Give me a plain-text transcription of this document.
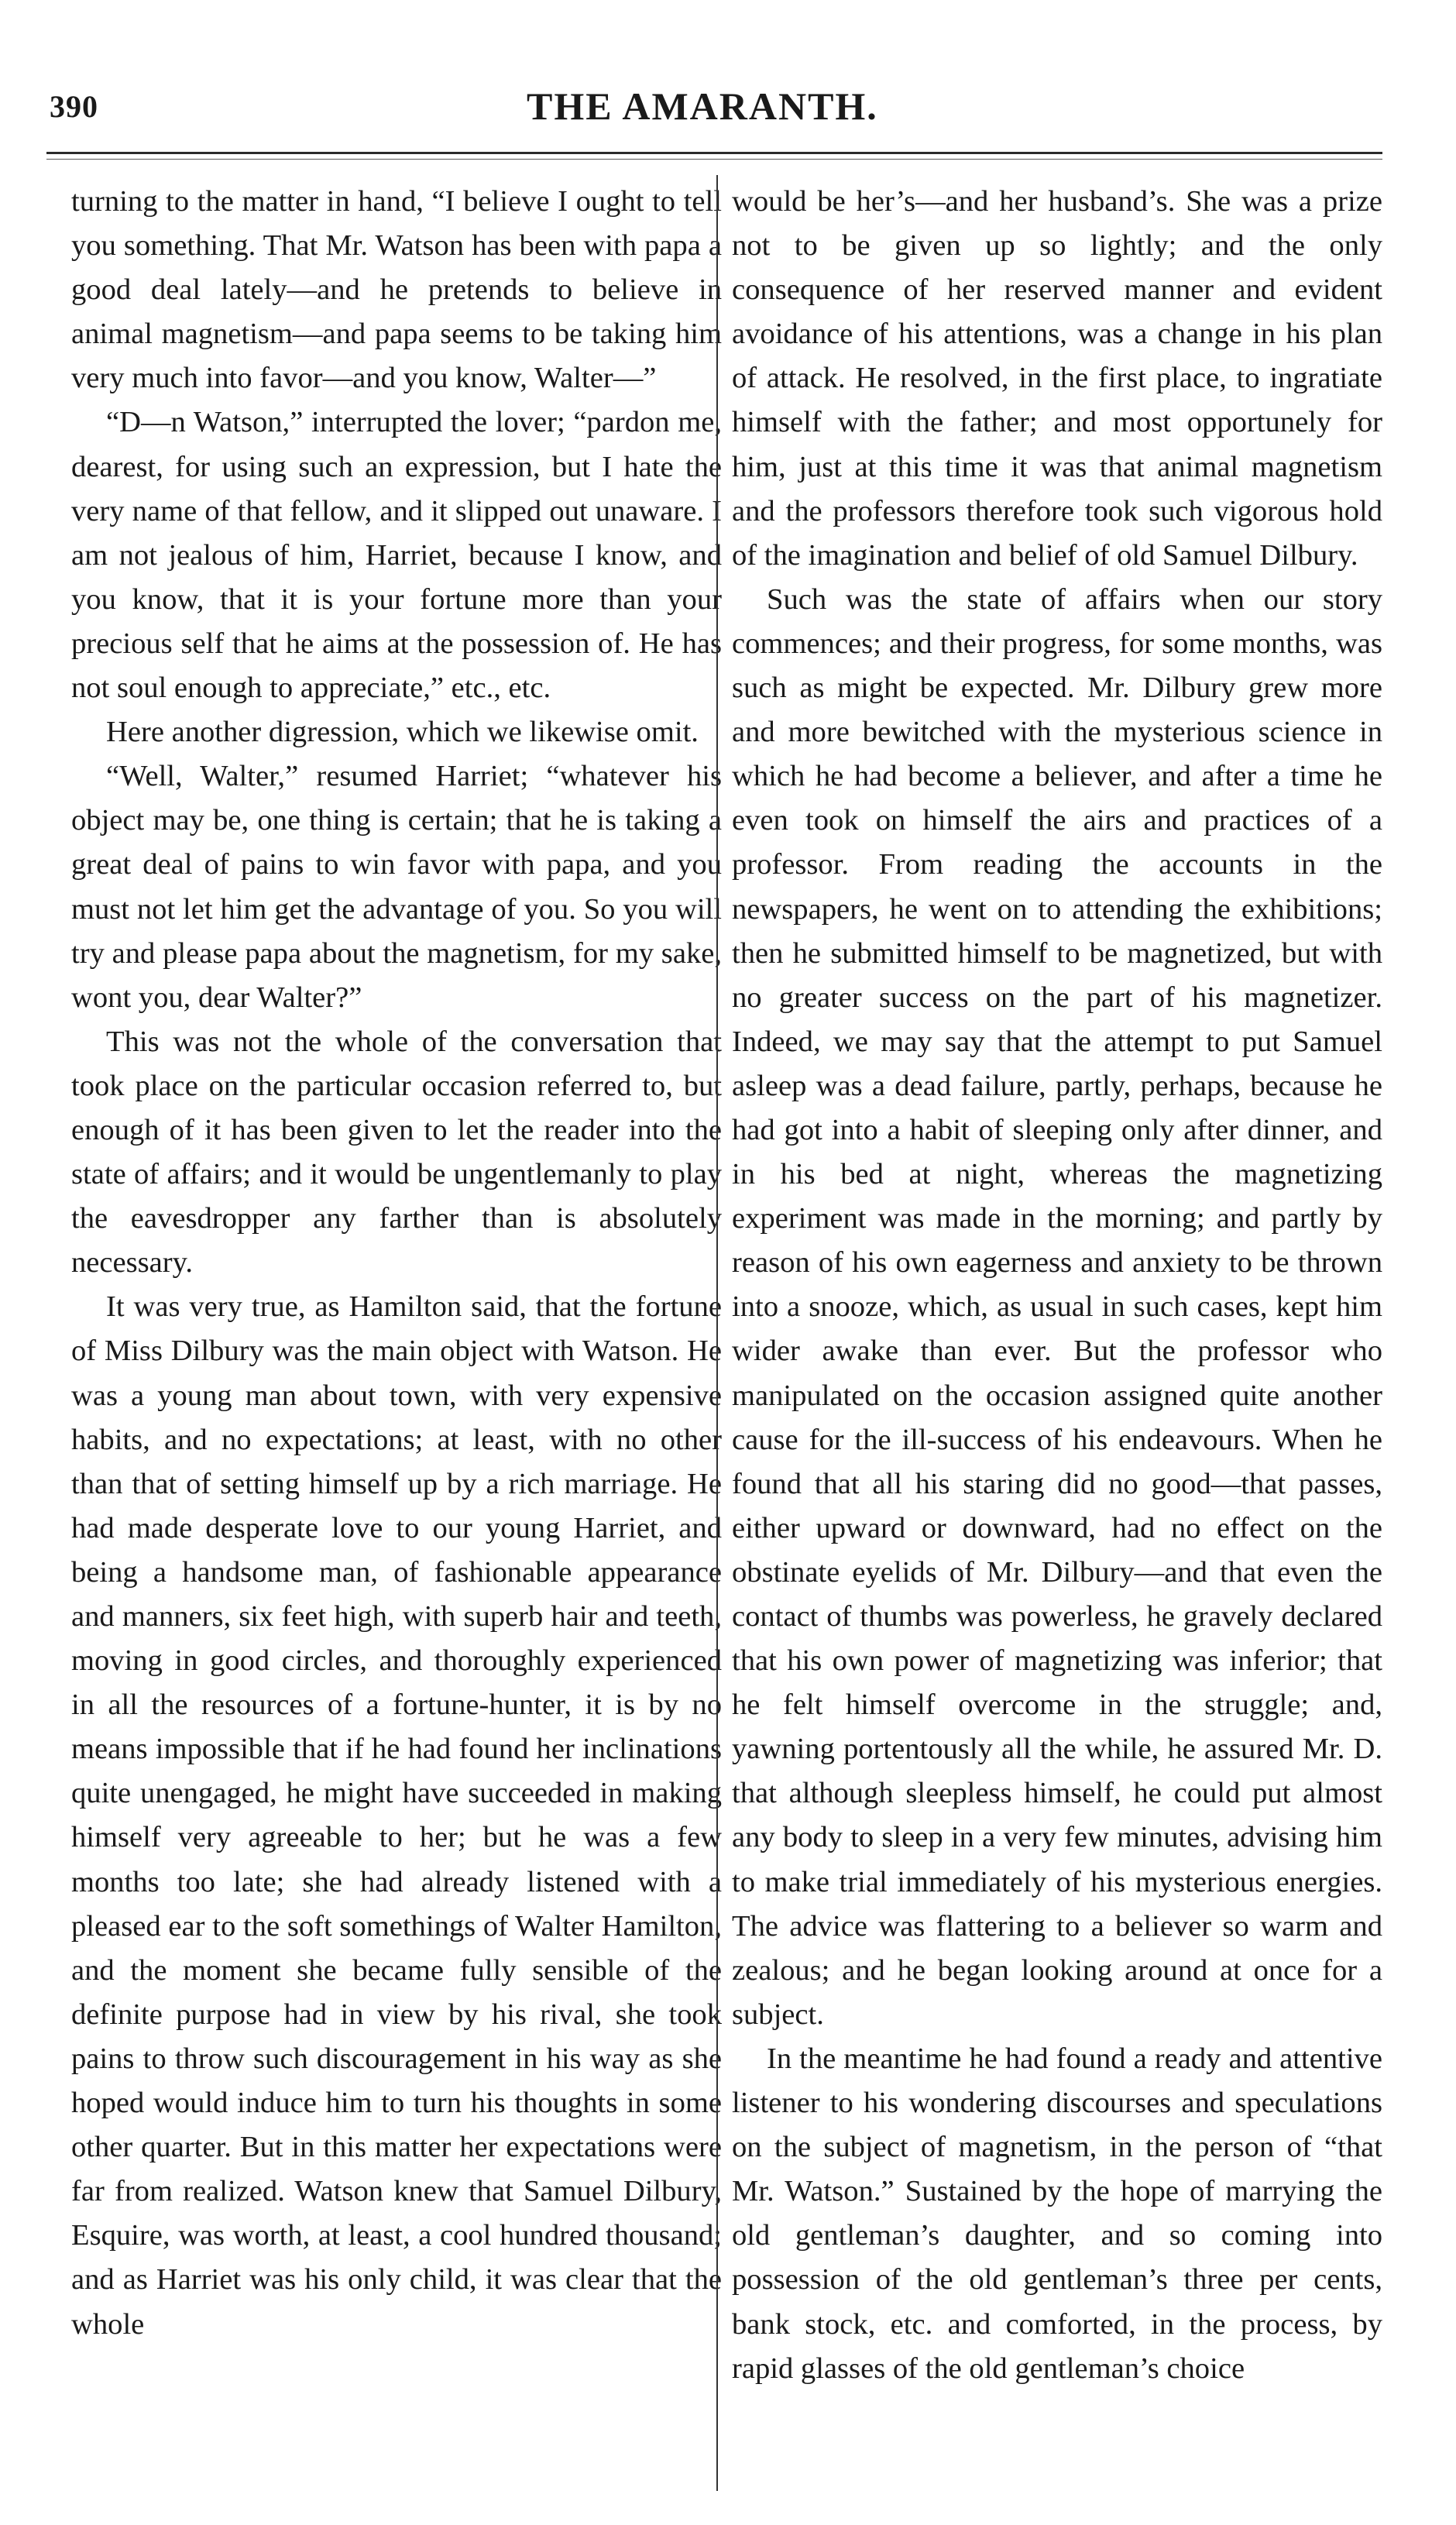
390	THE AMARANTH.

turning to the matter in hand, “I believe I ought to tell you something. That Mr. Watson has been with papa a good deal lately—and he pretends to believe in animal magnetism—and papa seems to be taking him very much into favor—and you know, Walter—”

“D—n Watson,” interrupted the lover; “pardon me, dearest, for using such an expression, but I hate the very name of that fellow, and it slipped out unaware. I am not jealous of him, Harriet, because I know, and you know, that it is your fortune more than your precious self that he aims at the possession of. He has not soul enough to appreciate,” etc., etc.

Here another digression, which we likewise omit.

“Well, Walter,” resumed Harriet; “whatever his object may be, one thing is certain; that he is taking a great deal of pains to win favor with papa, and you must not let him get the advantage of you. So you will try and please papa about the magnetism, for my sake, wont you, dear Walter?”

This was not the whole of the conversation that took place on the particular occasion referred to, but enough of it has been given to let the reader into the state of affairs; and it would be ungentlemanly to play the eavesdropper any farther than is absolutely necessary.

It was very true, as Hamilton said, that the fortune of Miss Dilbury was the main object with Watson. He was a young man about town, with very expensive habits, and no expectations; at least, with no other than that of setting himself up by a rich marriage. He had made desperate love to our young Harriet, and being a handsome man, of fashionable appearance and manners, six feet high, with superb hair and teeth, moving in good circles, and thoroughly experienced in all the resources of a fortune-hunter, it is by no means impossible that if he had found her inclinations quite unengaged, he might have succeeded in making himself very agreeable to her; but he was a few months too late; she had already listened with a pleased ear to the soft somethings of Walter Hamilton, and the moment she became fully sensible of the definite purpose had in view by his rival, she took pains to throw such discouragement in his way as she hoped would induce him to turn his thoughts in some other quarter. But in this matter her expectations were far from realized. Watson knew that Samuel Dilbury, Esquire, was worth, at least, a cool hundred thousand; and as Harriet was his only child, it was clear that the whole

would be her’s—and her husband’s. She was a prize not to be given up so lightly; and the only consequence of her reserved manner and evident avoidance of his attentions, was a change in his plan of attack. He resolved, in the first place, to ingratiate himself with the father; and most opportunely for him, just at this time it was that animal magnetism and the professors therefore took such vigorous hold of the imagination and belief of old Samuel Dilbury.

Such was the state of affairs when our story commences; and their progress, for some months, was such as might be expected. Mr. Dilbury grew more and more bewitched with the mysterious science in which he had become a believer, and after a time he even took on himself the airs and practices of a professor. From reading the accounts in the newspapers, he went on to attending the exhibitions; then he submitted himself to be magnetized, but with no greater success on the part of his magnetizer. Indeed, we may say that the attempt to put Samuel asleep was a dead failure, partly, perhaps, because he had got into a habit of sleeping only after dinner, and in his bed at night, whereas the magnetizing experiment was made in the morning; and partly by reason of his own eagerness and anxiety to be thrown into a snooze, which, as usual in such cases, kept him wider awake than ever. But the professor who manipulated on the occasion assigned quite another cause for the ill-success of his endeavours. When he found that all his staring did no good—that passes, either upward or downward, had no effect on the obstinate eyelids of Mr. Dilbury—and that even the contact of thumbs was powerless, he gravely declared that his own power of magnetizing was inferior; that he felt himself overcome in the struggle; and, yawning portentously all the while, he assured Mr. D. that although sleepless himself, he could put almost any body to sleep in a very few minutes, advising him to make trial immediately of his mysterious energies. The advice was flattering to a believer so warm and zealous; and he began looking around at once for a subject.

In the meantime he had found a ready and attentive listener to his wondering discourses and speculations on the subject of magnetism, in the person of “that Mr. Watson.” Sustained by the hope of marrying the old gentleman’s daughter, and so coming into possession of the old gentleman’s three per cents, bank stock, etc. and comforted, in the process, by rapid glasses of the old gentleman’s choice
